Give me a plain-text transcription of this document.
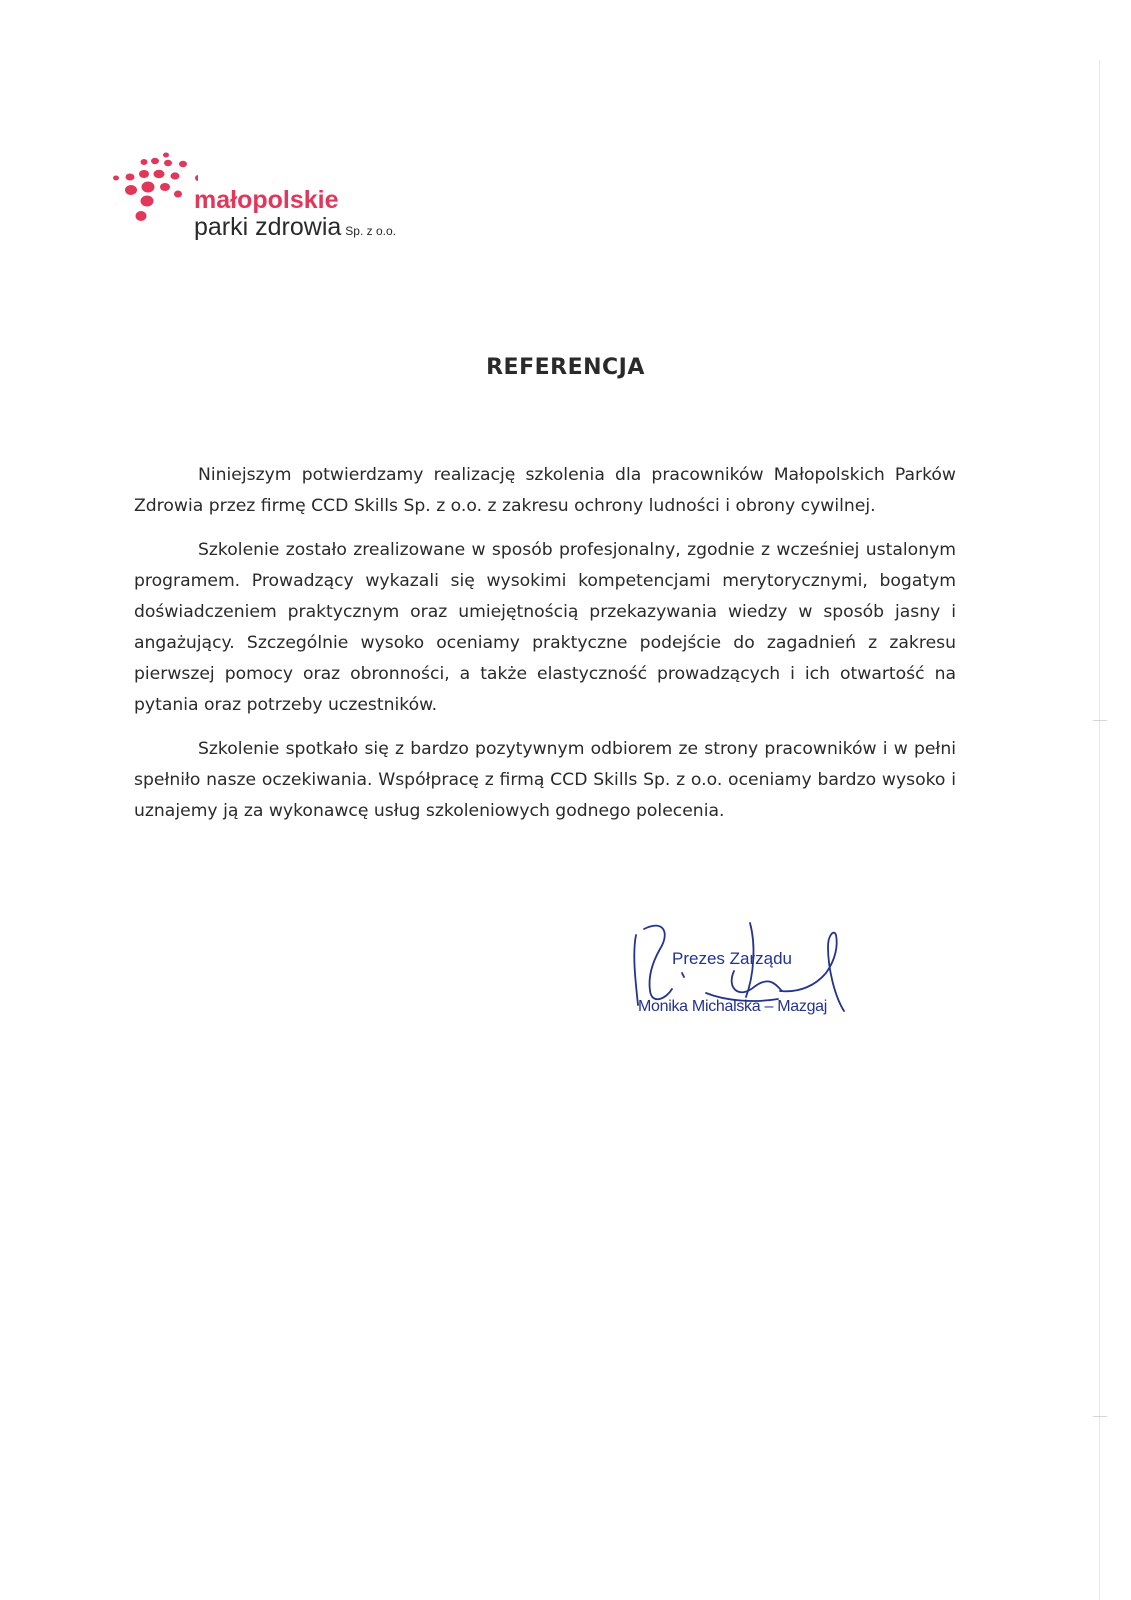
małopolskie
parki zdrowia Sp. z o.o.
REFERENCJA

Niniejszym potwierdzamy realizację szkolenia dla pracowników Małopolskich Parków Zdrowia przez firmę CCD Skills Sp. z o.o. z zakresu ochrony ludności i obrony cywilnej.

Szkolenie zostało zrealizowane w sposób profesjonalny, zgodnie z wcześniej ustalonym programem. Prowadzący wykazali się wysokimi kompetencjami merytorycznymi, bogatym doświadczeniem praktycznym oraz umiejętnością przekazywania wiedzy w sposób jasny i angażujący. Szczególnie wysoko oceniamy praktyczne podejście do zagadnień z zakresu pierwszej pomocy oraz obronności, a także elastyczność prowadzących i ich otwartość na pytania oraz potrzeby uczestników.

Szkolenie spotkało się z bardzo pozytywnym odbiorem ze strony pracowników i w pełni spełniło nasze oczekiwania. Współpracę z firmą CCD Skills Sp. z o.o. oceniamy bardzo wysoko i uznajemy ją za wykonawcę usług szkoleniowych godnego polecenia.

Prezes Zarządu
Monika Michalska – Mazgaj
